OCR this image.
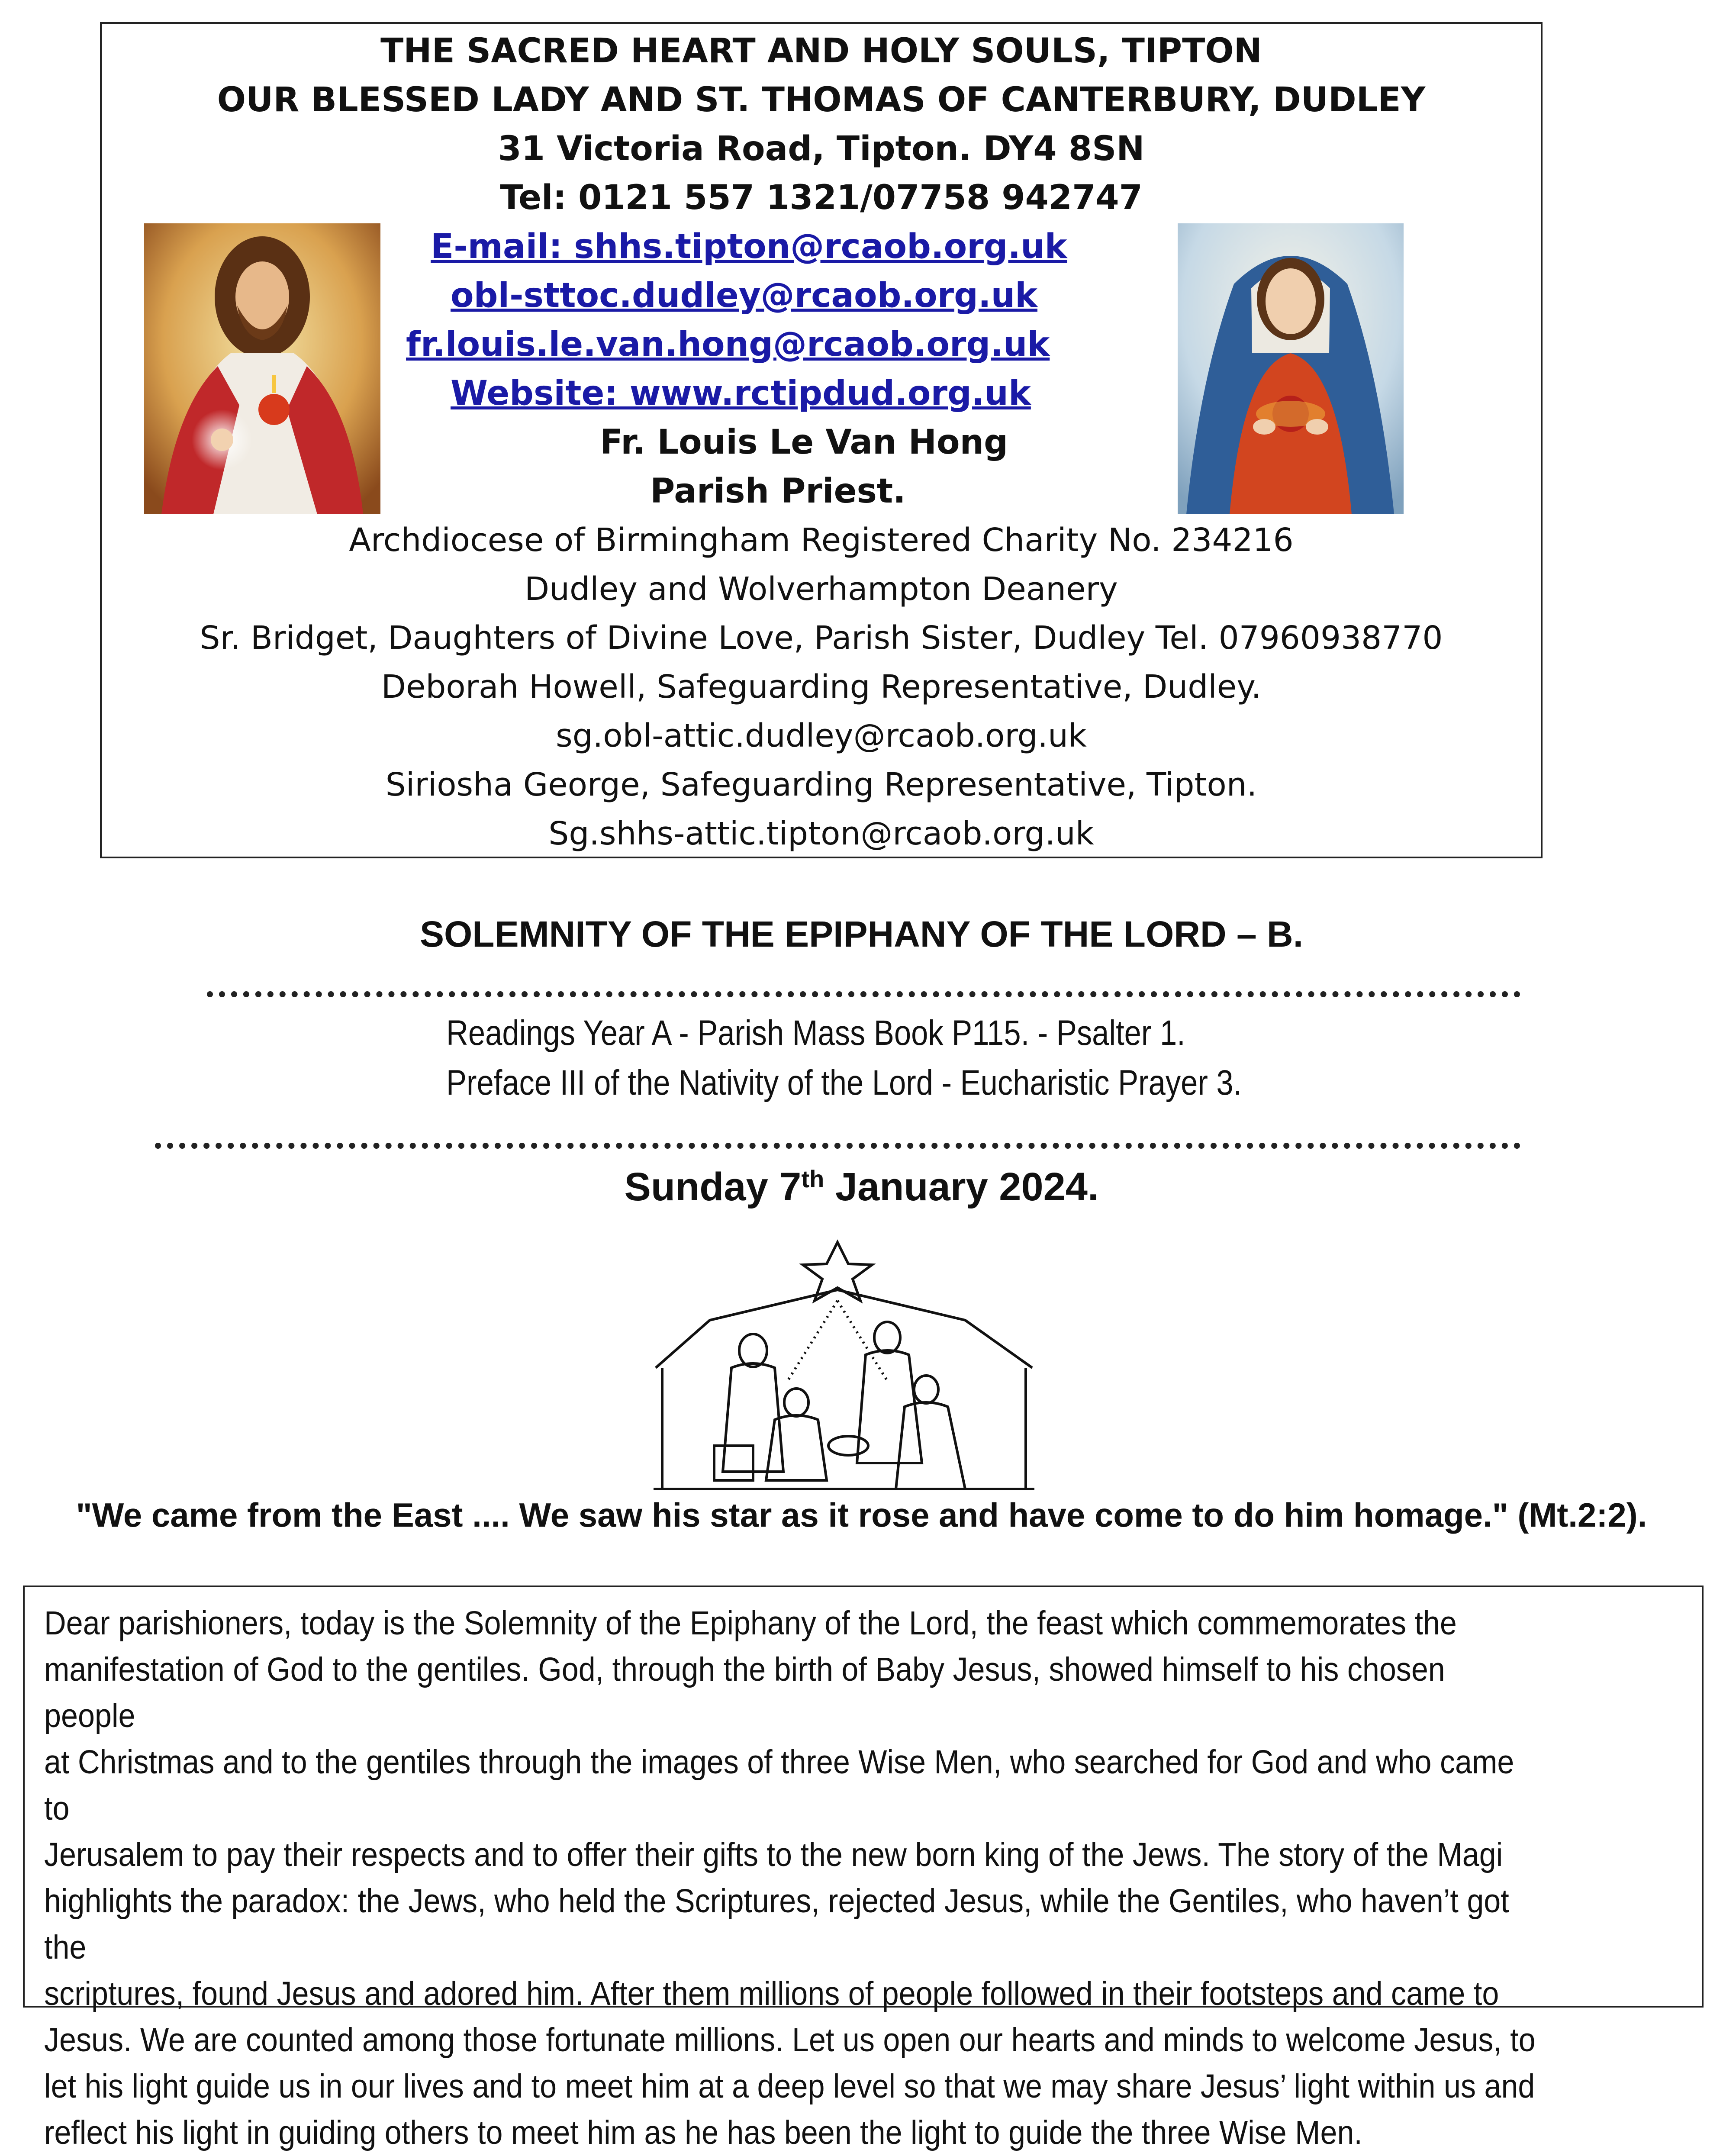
THE SACRED HEART AND HOLY SOULS, TIPTON
OUR BLESSED LADY AND ST. THOMAS OF CANTERBURY, DUDLEY
31 Victoria Road, Tipton. DY4 8SN
Tel: 0121 557 1321/07758 942747
E-mail: shhs.tipton@rcaob.org.uk
obl-sttoc.dudley@rcaob.org.uk
fr.louis.le.van.hong@rcaob.org.uk
Website: www.rctipdud.org.uk
Fr. Louis Le Van Hong
Parish Priest.
Archdiocese of Birmingham Registered Charity No. 234216
Dudley and Wolverhampton Deanery
Sr. Bridget, Daughters of Divine Love, Parish Sister, Dudley Tel. 07960938770
Deborah Howell, Safeguarding Representative, Dudley.
sg.obl-attic.dudley@rcaob.org.uk
Siriosha George, Safeguarding Representative, Tipton.
Sg.shhs-attic.tipton@rcaob.org.uk
SOLEMNITY OF THE EPIPHANY OF THE LORD – B.
Readings Year A - Parish Mass Book P115. - Psalter 1.
Preface III of the Nativity of the Lord - Eucharistic Prayer 3.
Sunday 7th January 2024.
"We came from the East .... We saw his star as it rose and have come to do him homage." (Mt.2:2).
Dear parishioners, today is the Solemnity of the Epiphany of the Lord, the feast which commemorates the
manifestation of God to the gentiles. God, through the birth of Baby Jesus, showed himself to his chosen people
at Christmas and to the gentiles through the images of three Wise Men, who searched for God and who came to
Jerusalem to pay their respects and to offer their gifts to the new born king of the Jews. The story of the Magi
highlights the paradox: the Jews, who held the Scriptures, rejected Jesus, while the Gentiles, who haven’t got the
scriptures, found Jesus and adored him. After them millions of people followed in their footsteps and came to
Jesus. We are counted among those fortunate millions. Let us open our hearts and minds to welcome Jesus, to
let his light guide us in our lives and to meet him at a deep level so that we may share Jesus’ light within us and
reflect his light in guiding others to meet him as he has been the light to guide the three Wise Men.
